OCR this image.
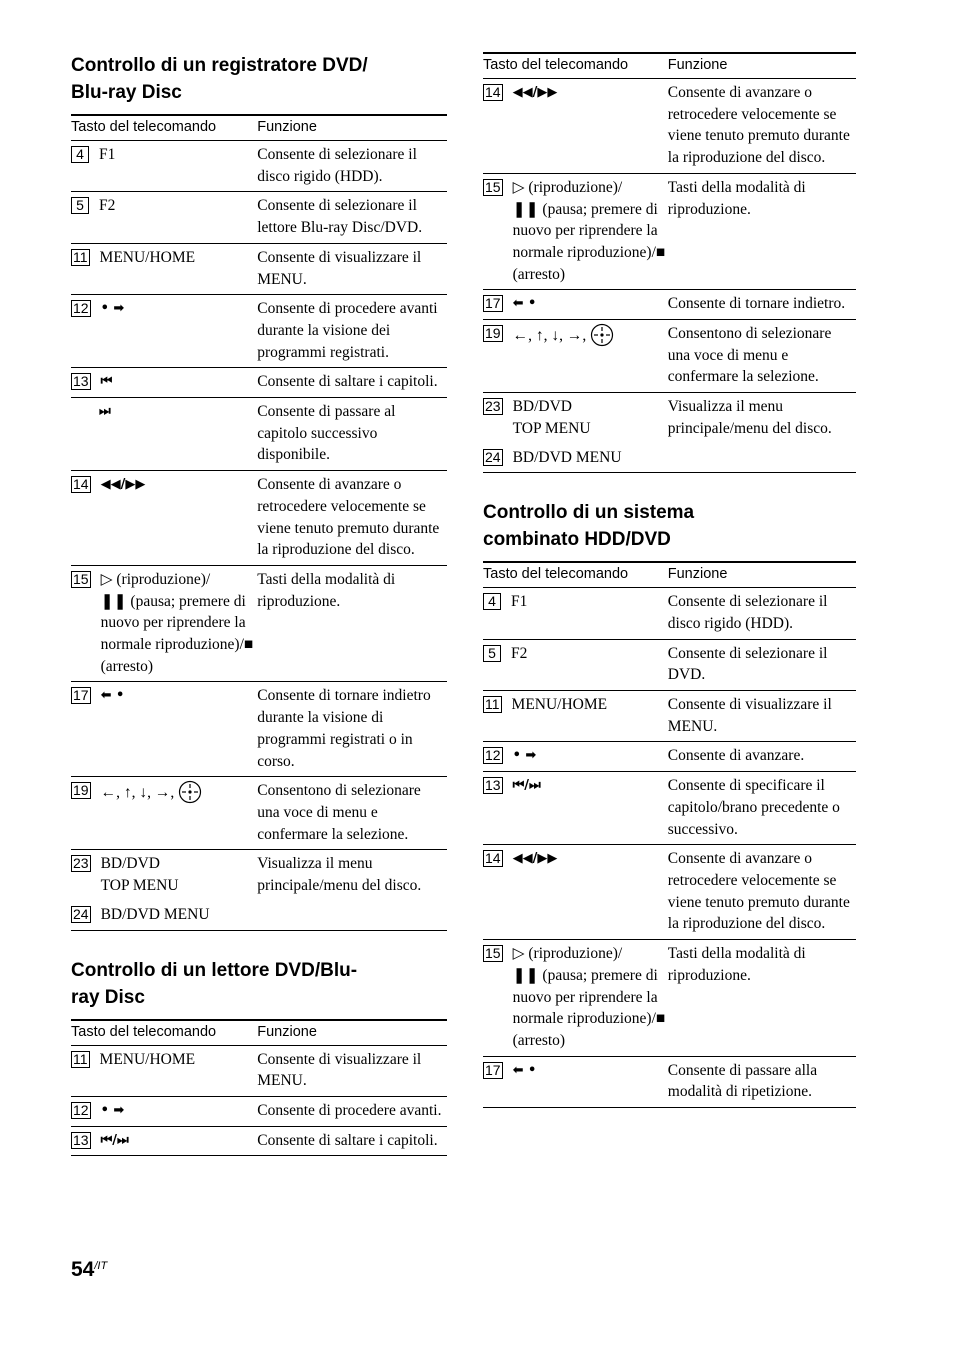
Controllo di un registratore DVD/
Blu-ray Disc
Tasto del telecomando	Funzione

4 F1	Consente di selezionare il disco rigido (HDD).

5 F2	Consente di selezionare il lettore Blu-ray Disc/DVD.

11 MENU/HOME	Consente di visualizzare il MENU.

12 • ➡	Consente di procedere avanti durante la visione dei programmi registrati.

13 ⏮	Consente di saltare i capitoli.

⏭	Consente di passare al capitolo successivo disponibile.

14 ◀◀/▶▶	Consente di avanzare o retrocedere velocemente se viene tenuto premuto durante la riproduzione del disco.

15 ▷ (riproduzione)/
❚❚ (pausa; premere di nuovo per riprendere la normale riproduzione)/■
(arresto)	Tasti della modalità di riproduzione.

17 ⬅ •	Consente di tornare indietro durante la visione di programmi registrati o in corso.

19 ←, ↑, ↓, →,	Consentono di selezionare una voce di menu e confermare la selezione.

23 BD/DVD
TOP MENU	Visualizza il menu principale/menu del disco.

24 BD/DVD MENU	

Controllo di un lettore DVD/Blu-
ray Disc
Tasto del telecomando	Funzione

11 MENU/HOME	Consente di visualizzare il MENU.

12 • ➡	Consente di procedere avanti.

13 ⏮/⏭	Consente di saltare i capitoli.
Tasto del telecomando	Funzione

14 ◀◀/▶▶	Consente di avanzare o retrocedere velocemente se viene tenuto premuto durante la riproduzione del disco.

15 ▷ (riproduzione)/
❚❚ (pausa; premere di nuovo per riprendere la normale riproduzione)/■
(arresto)	Tasti della modalità di riproduzione.

17 ⬅ •	Consente di tornare indietro.

19 ←, ↑, ↓, →,	Consentono di selezionare una voce di menu e confermare la selezione.

23 BD/DVD
TOP MENU	Visualizza il menu principale/menu del disco.

24 BD/DVD MENU	

Controllo di un sistema
combinato HDD/DVD
Tasto del telecomando	Funzione

4 F1	Consente di selezionare il disco rigido (HDD).

5 F2	Consente di selezionare il DVD.

11 MENU/HOME	Consente di visualizzare il MENU.

12 • ➡	Consente di avanzare.

13 ⏮/⏭	Consente di specificare il capitolo/brano precedente o successivo.

14 ◀◀/▶▶	Consente di avanzare o retrocedere velocemente se viene tenuto premuto durante la riproduzione del disco.

15 ▷ (riproduzione)/
❚❚ (pausa; premere di nuovo per riprendere la normale riproduzione)/■
(arresto)	Tasti della modalità di riproduzione.

17 ⬅ •	Consente di passare alla modalità di ripetizione.
$54^{/IT}$
